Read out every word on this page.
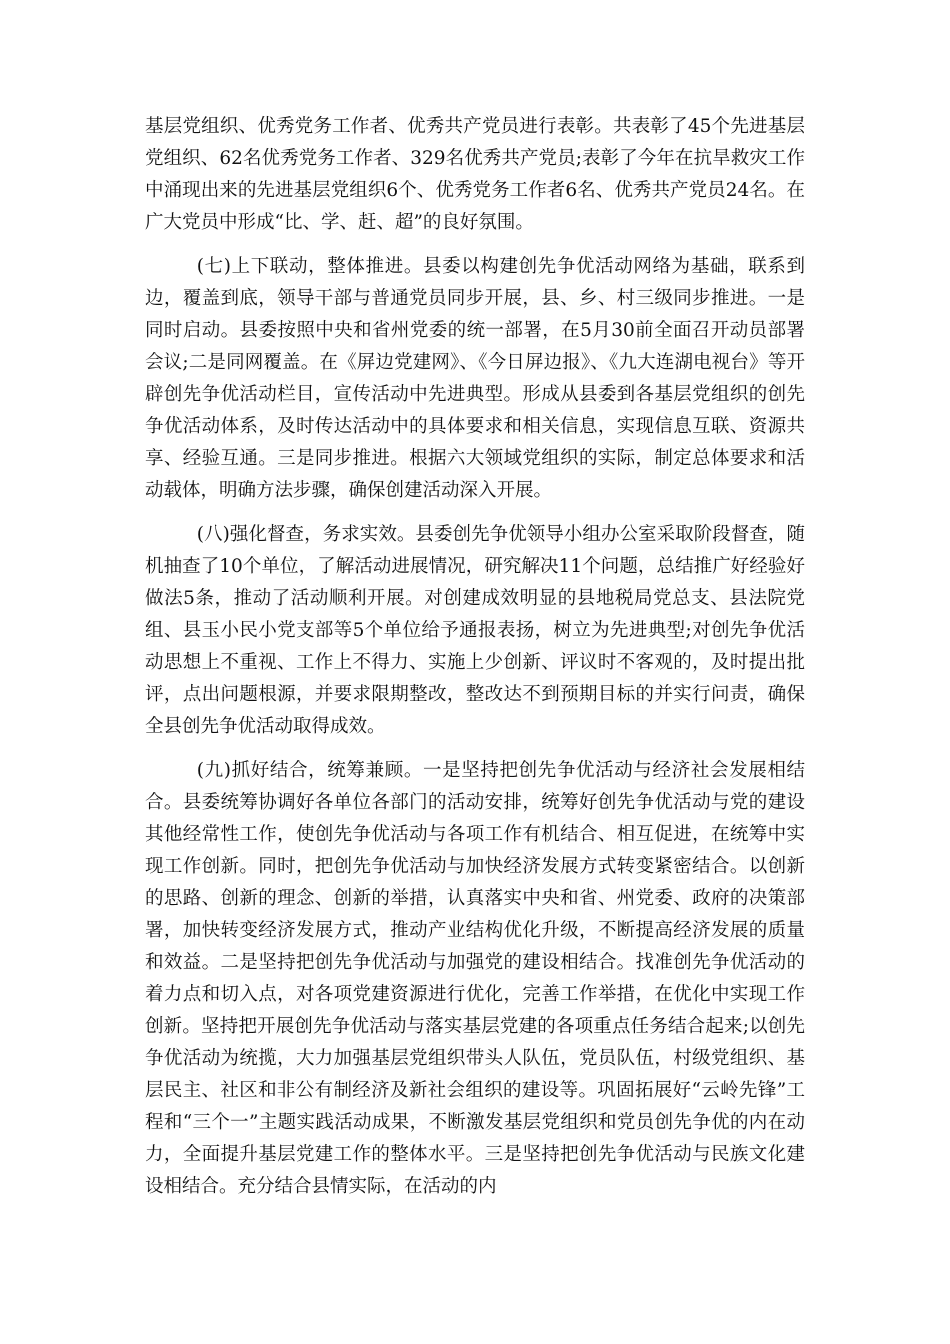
基层党组织、优秀党务工作者、优秀共产党员进行表彰。共表彰了45个先进基层党组织、62名优秀党务工作者、329名优秀共产党员;表彰了今年在抗旱救灾工作中涌现出来的先进基层党组织6个、优秀党务工作者6名、优秀共产党员24名。在广大党员中形成“比、学、赶、超”的良好氛围。

(七)上下联动，整体推进。县委以构建创先争优活动网络为基础，联系到边，覆盖到底，领导干部与普通党员同步开展，县、乡、村三级同步推进。一是同时启动。县委按照中央和省州党委的统一部署，在5月30前全面召开动员部署会议;二是同网覆盖。在《屏边党建网》、《今日屏边报》、《九大连湖电视台》等开辟创先争优活动栏目，宣传活动中先进典型。形成从县委到各基层党组织的创先争优活动体系，及时传达活动中的具体要求和相关信息，实现信息互联、资源共享、经验互通。三是同步推进。根据六大领域党组织的实际，制定总体要求和活动载体，明确方法步骤，确保创建活动深入开展。

(八)强化督查，务求实效。县委创先争优领导小组办公室采取阶段督查，随机抽查了10个单位，了解活动进展情况，研究解决11个问题，总结推广好经验好做法5条，推动了活动顺利开展。对创建成效明显的县地税局党总支、县法院党组、县玉小民小党支部等5个单位给予通报表扬，树立为先进典型;对创先争优活动思想上不重视、工作上不得力、实施上少创新、评议时不客观的，及时提出批评，点出问题根源，并要求限期整改，整改达不到预期目标的并实行问责，确保全县创先争优活动取得成效。

(九)抓好结合，统筹兼顾。一是坚持把创先争优活动与经济社会发展相结合。县委统筹协调好各单位各部门的活动安排，统筹好创先争优活动与党的建设其他经常性工作，使创先争优活动与各项工作有机结合、相互促进，在统筹中实现工作创新。同时，把创先争优活动与加快经济发展方式转变紧密结合。以创新的思路、创新的理念、创新的举措，认真落实中央和省、州党委、政府的决策部署，加快转变经济发展方式，推动产业结构优化升级，不断提高经济发展的质量和效益。二是坚持把创先争优活动与加强党的建设相结合。找准创先争优活动的着力点和切入点，对各项党建资源进行优化，完善工作举措，在优化中实现工作创新。坚持把开展创先争优活动与落实基层党建的各项重点任务结合起来;以创先争优活动为统揽，大力加强基层党组织带头人队伍，党员队伍，村级党组织、基层民主、社区和非公有制经济及新社会组织的建设等。巩固拓展好“云岭先锋”工程和“三个一”主题实践活动成果，不断激发基层党组织和党员创先争优的内在动力，全面提升基层党建工作的整体水平。三是坚持把创先争优活动与民族文化建设相结合。充分结合县情实际，在活动的内
